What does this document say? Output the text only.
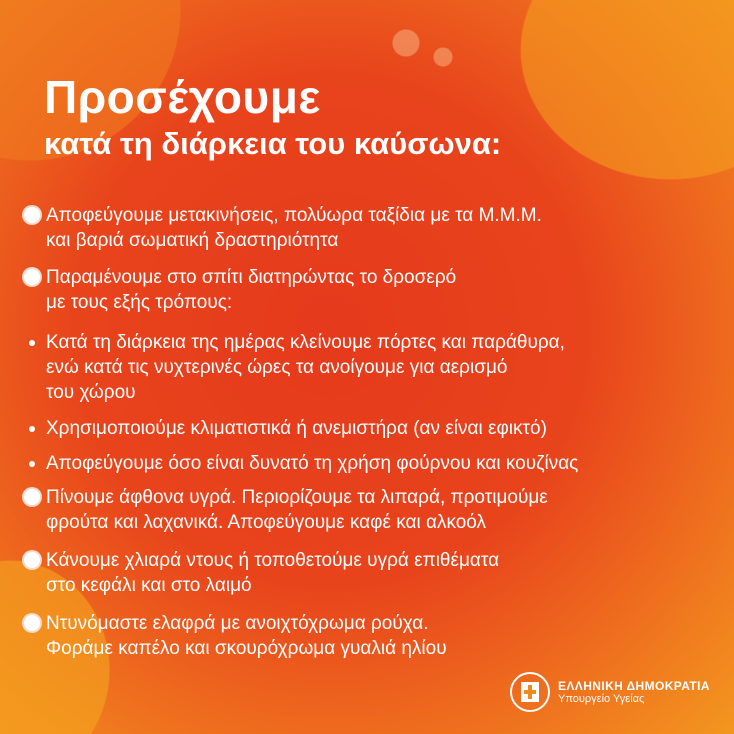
Προσέχουμε
κατά τη διάρκεια του καύσωνα:
Αποφεύγουμε μετακινήσεις, πολύωρα ταξίδια με τα Μ.Μ.Μ.
και βαριά σωματική δραστηριότητα
Παραμένουμε στο σπίτι διατηρώντας το δροσερό
με τους εξής τρόπους:
Κατά τη διάρκεια της ημέρας κλείνουμε πόρτες και παράθυρα,
ενώ κατά τις νυχτερινές ώρες τα ανοίγουμε για αερισμό
του χώρου
Χρησιμοποιούμε κλιματιστικά ή ανεμιστήρα (αν είναι εφικτό)
Αποφεύγουμε όσο είναι δυνατό τη χρήση φούρνου και κουζίνας
Πίνουμε άφθονα υγρά. Περιορίζουμε τα λιπαρά, προτιμούμε
φρούτα και λαχανικά. Αποφεύγουμε καφέ και αλκοόλ
Κάνουμε χλιαρά ντους ή τοποθετούμε υγρά επιθέματα
στο κεφάλι και στο λαιμό
Ντυνόμαστε ελαφρά με ανοιχτόχρωμα ρούχα.
Φοράμε καπέλο και σκουρόχρωμα γυαλιά ηλίου
ΕΛΛΗΝΙΚΗ ΔΗΜΟΚΡΑΤΙΑ
Υπουργείο Υγείας
